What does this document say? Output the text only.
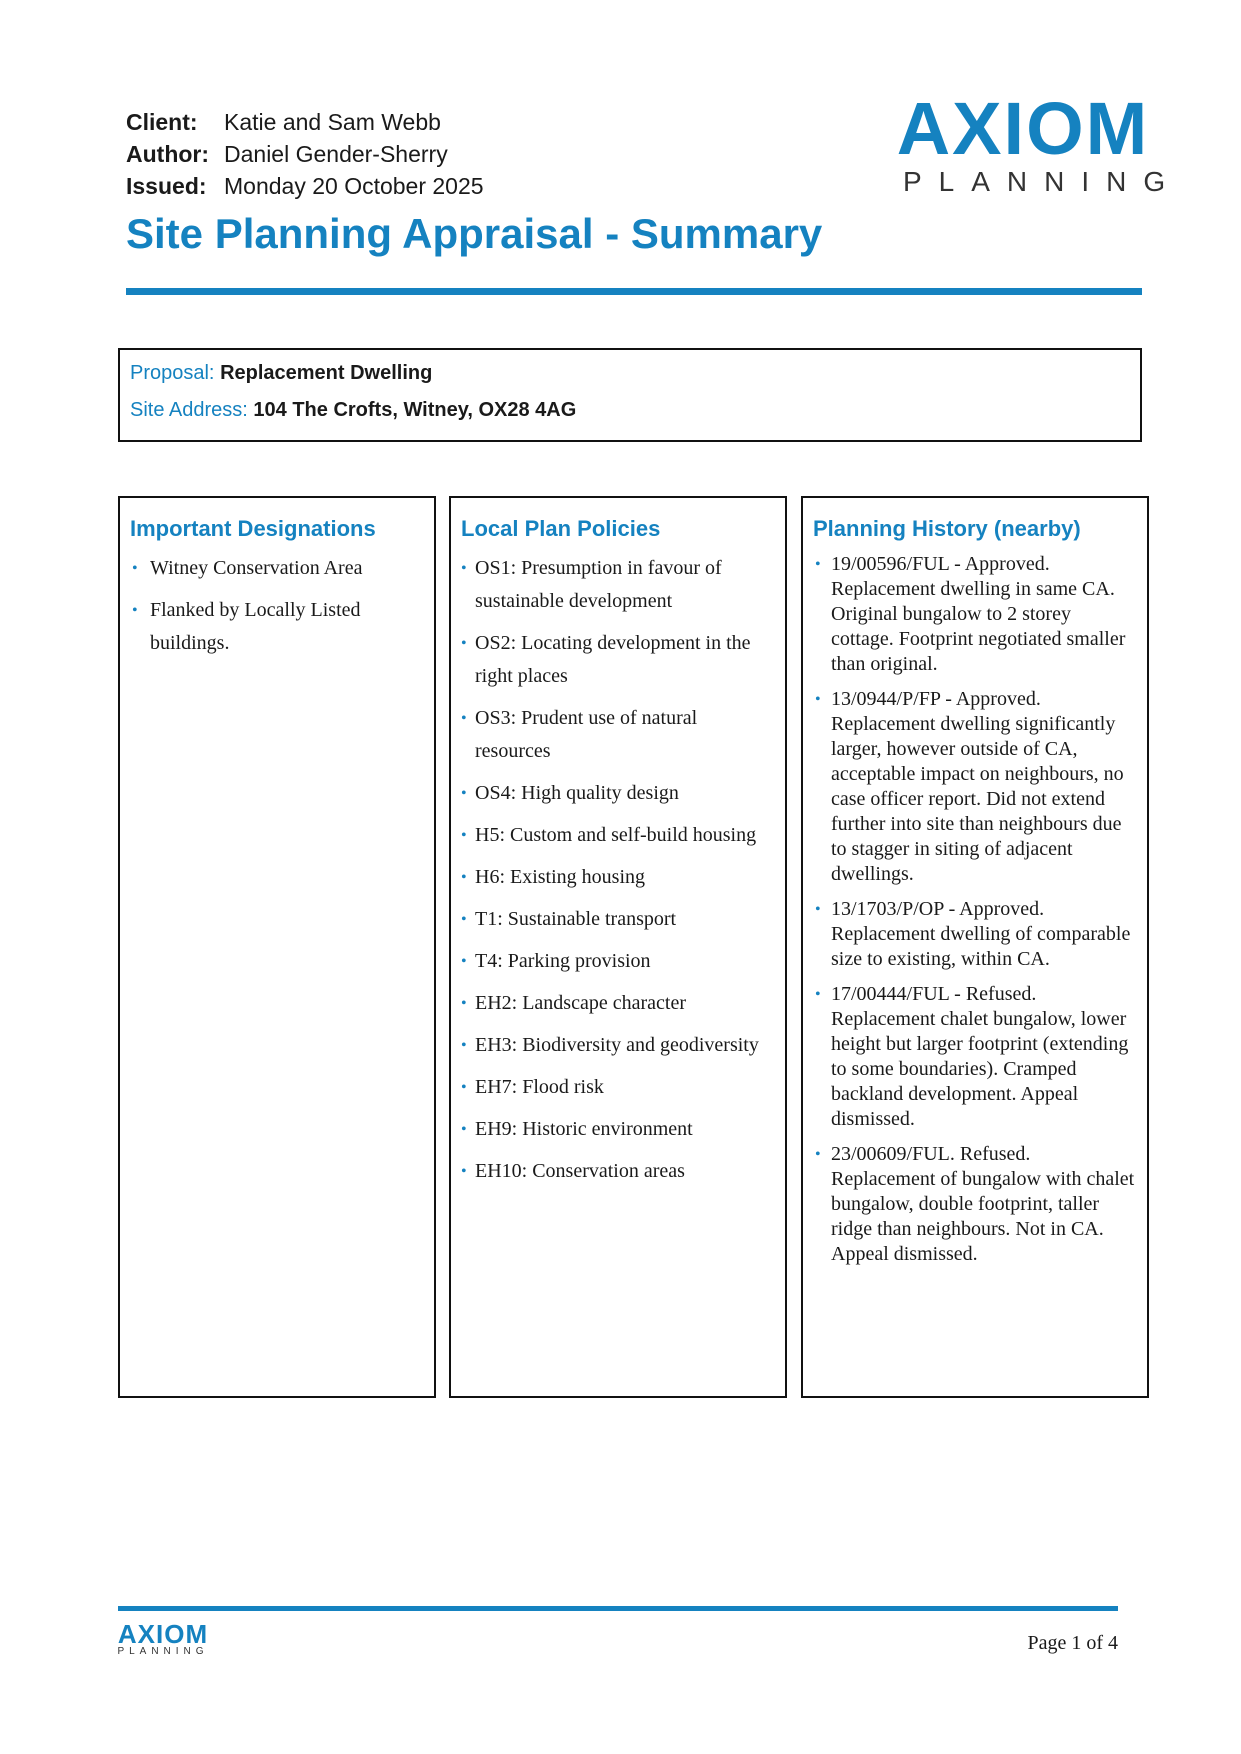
Client:	Katie and Sam Webb
Author: Daniel Gender-Sherry
Issued: Monday 20 October 2025
AXIOM
PLANNING
Site Planning Appraisal - Summary
Proposal: Replacement Dwelling
Site Address: 104 The Crofts, Witney, OX28 4AG
Important Designations
• Witney Conservation Area
• Flanked by Locally Listed buildings.
Local Plan Policies
• OS1: Presumption in favour of sustainable development
• OS2: Locating development in the right places
• OS3: Prudent use of natural resources
• OS4: High quality design
• H5: Custom and self-build housing
• H6: Existing housing
• T1: Sustainable transport
• T4: Parking provision
• EH2: Landscape character
• EH3: Biodiversity and geodiversity
• EH7: Flood risk
• EH9: Historic environment
• EH10: Conservation areas
Planning History (nearby)
• 19/00596/FUL - Approved. Replacement dwelling in same CA. Original bungalow to 2 storey cottage. Footprint negotiated smaller than original.
• 13/0944/P/FP - Approved. Replacement dwelling significantly larger, however outside of CA, acceptable impact on neighbours, no case officer report. Did not extend further into site than neighbours due to stagger in siting of adjacent dwellings.
• 13/1703/P/OP - Approved. Replacement dwelling of comparable size to existing, within CA.
• 17/00444/FUL - Refused. Replacement chalet bungalow, lower height but larger footprint (extending to some boundaries). Cramped backland development. Appeal dismissed.
• 23/00609/FUL. Refused. Replacement of bungalow with chalet bungalow, double footprint, taller ridge than neighbours. Not in CA. Appeal dismissed.
AXIOM
PLANNING	Page 1 of 4
